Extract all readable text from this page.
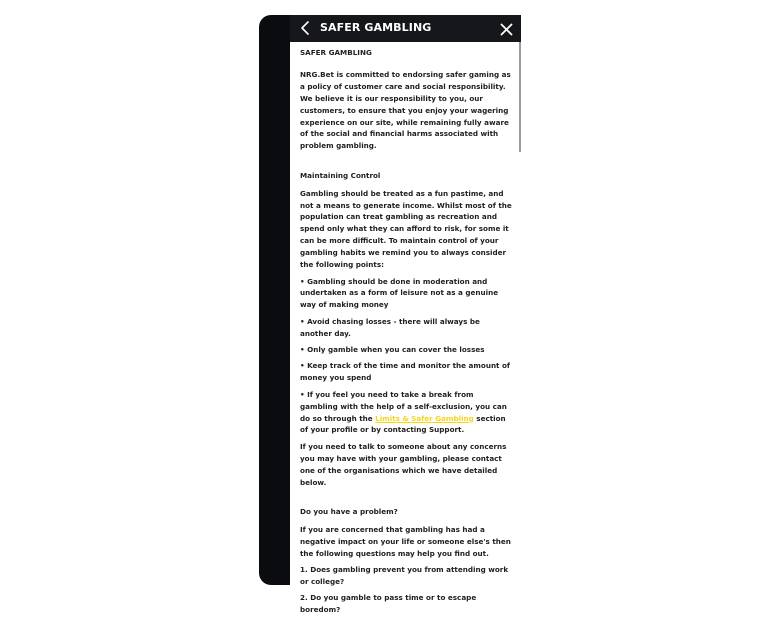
SAFER GAMBLING

SAFER GAMBLING

NRG.Bet is committed to endorsing safer gaming as a policy of customer care and social responsibility. We believe it is our responsibility to you, our customers, to ensure that you enjoy your wagering experience on our site, while remaining fully aware of the social and financial harms associated with problem gambling.

Maintaining Control

Gambling should be treated as a fun pastime, and not a means to generate income. Whilst most of the population can treat gambling as recreation and spend only what they can afford to risk, for some it can be more difficult. To maintain control of your gambling habits we remind you to always consider the following points:

• Gambling should be done in moderation and undertaken as a form of leisure not as a genuine way of making money

• Avoid chasing losses - there will always be another day.

• Only gamble when you can cover the losses

• Keep track of the time and monitor the amount of money you spend

• If you feel you need to take a break from gambling with the help of a self-exclusion, you can do so through the Limits & Safer Gambling section of your profile or by contacting Support.

If you need to talk to someone about any concerns you may have with your gambling, please contact one of the organisations which we have detailed below.

Do you have a problem?

If you are concerned that gambling has had a negative impact on your life or someone else's then the following questions may help you find out.

1. Does gambling prevent you from attending work or college?

2. Do you gamble to pass time or to escape boredom?
